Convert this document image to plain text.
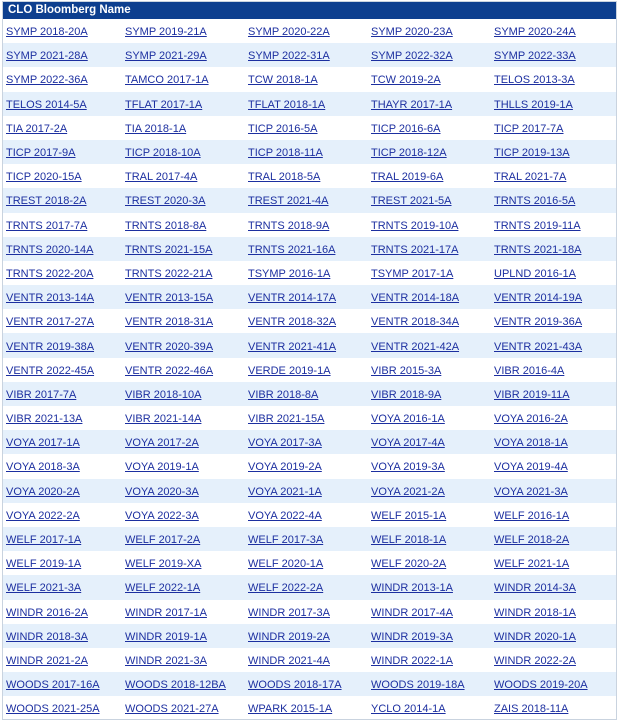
CLO Bloomberg Name
SYMP 2018-20A	SYMP 2019-21A	SYMP 2020-22A	SYMP 2020-23A	SYMP 2020-24A
SYMP 2021-28A	SYMP 2021-29A	SYMP 2022-31A	SYMP 2022-32A	SYMP 2022-33A
SYMP 2022-36A	TAMCO 2017-1A	TCW 2018-1A	TCW 2019-2A	TELOS 2013-3A
TELOS 2014-5A	TFLAT 2017-1A	TFLAT 2018-1A	THAYR 2017-1A	THLLS 2019-1A
TIA 2017-2A	TIA 2018-1A	TICP 2016-5A	TICP 2016-6A	TICP 2017-7A
TICP 2017-9A	TICP 2018-10A	TICP 2018-11A	TICP 2018-12A	TICP 2019-13A
TICP 2020-15A	TRAL 2017-4A	TRAL 2018-5A	TRAL 2019-6A	TRAL 2021-7A
TREST 2018-2A	TREST 2020-3A	TREST 2021-4A	TREST 2021-5A	TRNTS 2016-5A
TRNTS 2017-7A	TRNTS 2018-8A	TRNTS 2018-9A	TRNTS 2019-10A	TRNTS 2019-11A
TRNTS 2020-14A	TRNTS 2021-15A	TRNTS 2021-16A	TRNTS 2021-17A	TRNTS 2021-18A
TRNTS 2022-20A	TRNTS 2022-21A	TSYMP 2016-1A	TSYMP 2017-1A	UPLND 2016-1A
VENTR 2013-14A	VENTR 2013-15A	VENTR 2014-17A	VENTR 2014-18A	VENTR 2014-19A
VENTR 2017-27A	VENTR 2018-31A	VENTR 2018-32A	VENTR 2018-34A	VENTR 2019-36A
VENTR 2019-38A	VENTR 2020-39A	VENTR 2021-41A	VENTR 2021-42A	VENTR 2021-43A
VENTR 2022-45A	VENTR 2022-46A	VERDE 2019-1A	VIBR 2015-3A	VIBR 2016-4A
VIBR 2017-7A	VIBR 2018-10A	VIBR 2018-8A	VIBR 2018-9A	VIBR 2019-11A
VIBR 2021-13A	VIBR 2021-14A	VIBR 2021-15A	VOYA 2016-1A	VOYA 2016-2A
VOYA 2017-1A	VOYA 2017-2A	VOYA 2017-3A	VOYA 2017-4A	VOYA 2018-1A
VOYA 2018-3A	VOYA 2019-1A	VOYA 2019-2A	VOYA 2019-3A	VOYA 2019-4A
VOYA 2020-2A	VOYA 2020-3A	VOYA 2021-1A	VOYA 2021-2A	VOYA 2021-3A
VOYA 2022-2A	VOYA 2022-3A	VOYA 2022-4A	WELF 2015-1A	WELF 2016-1A
WELF 2017-1A	WELF 2017-2A	WELF 2017-3A	WELF 2018-1A	WELF 2018-2A
WELF 2019-1A	WELF 2019-XA	WELF 2020-1A	WELF 2020-2A	WELF 2021-1A
WELF 2021-3A	WELF 2022-1A	WELF 2022-2A	WINDR 2013-1A	WINDR 2014-3A
WINDR 2016-2A	WINDR 2017-1A	WINDR 2017-3A	WINDR 2017-4A	WINDR 2018-1A
WINDR 2018-3A	WINDR 2019-1A	WINDR 2019-2A	WINDR 2019-3A	WINDR 2020-1A
WINDR 2021-2A	WINDR 2021-3A	WINDR 2021-4A	WINDR 2022-1A	WINDR 2022-2A
WOODS 2017-16A	WOODS 2018-12BA	WOODS 2018-17A	WOODS 2019-18A	WOODS 2019-20A
WOODS 2021-25A	WOODS 2021-27A	WPARK 2015-1A	YCLO 2014-1A	ZAIS 2018-11A
